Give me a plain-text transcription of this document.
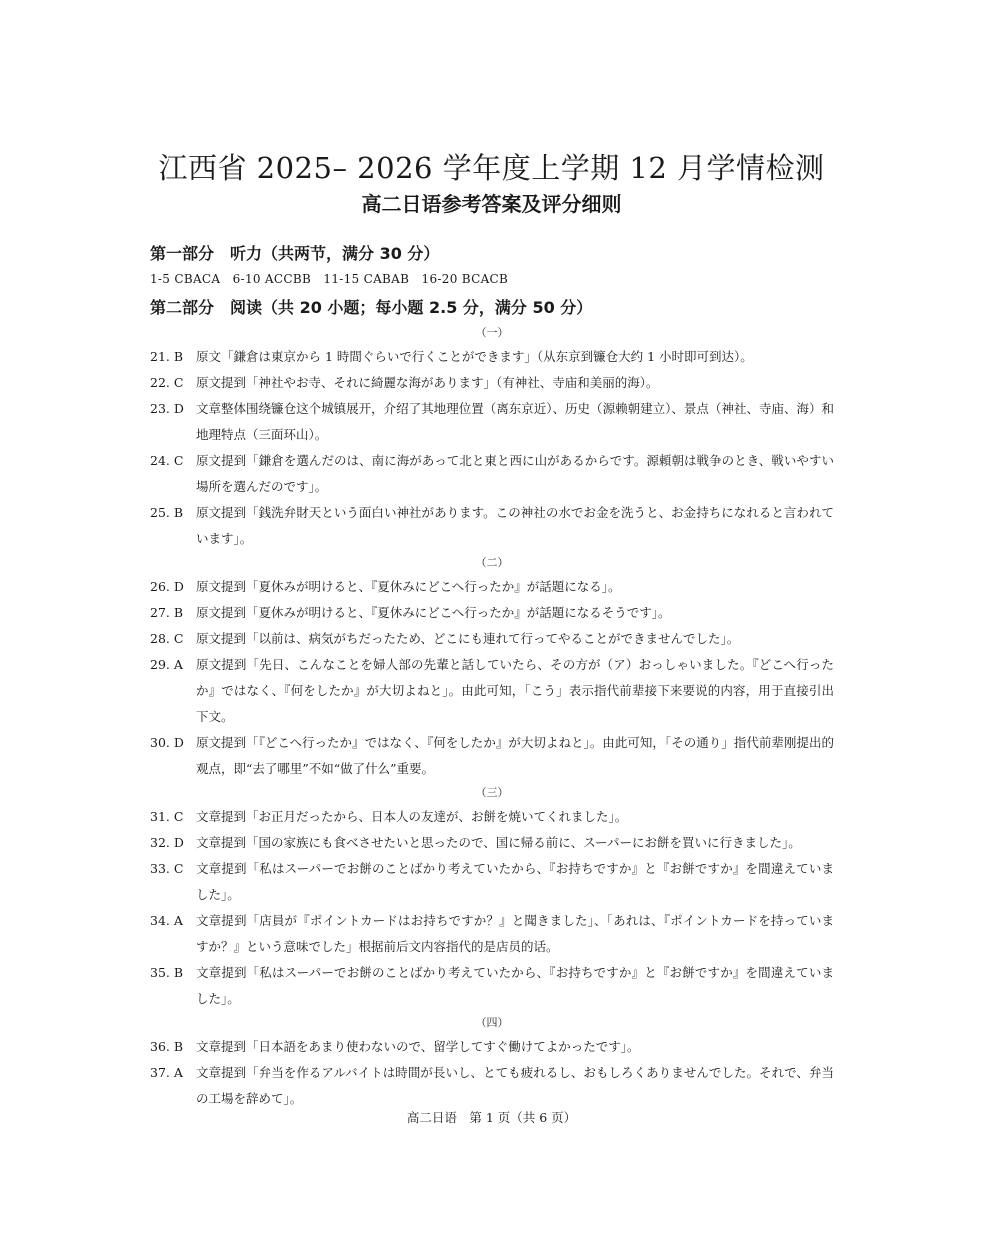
江西省 2025– 2026 学年度上学期 12 月学情检测
高二日语参考答案及评分细则

第一部分　听力（共两节，满分 30 分）

1-5 CBACA　6-10 ACCBB　11-15 CABAB　16-20 BCACB

第二部分　阅读（共 20 小题；每小题 2.5 分，满分 50 分）

（一）

21. B	原文「鎌倉は東京から 1 時間ぐらいで行くことができます」（从东京到镰仓大约 1 小时即可到达）。
22. C	原文提到「神社やお寺、それに綺麗な海があります」（有神社、寺庙和美丽的海）。
23. D 文章整体围绕镰仓这个城镇展开，介绍了其地理位置（离东京近）、历史（源赖朝建立）、景点（神社、寺庙、海）和地理特点（三面环山）。
24. C	原文提到「鎌倉を選んだのは、南に海があって北と東と西に山があるからです。源頼朝は戦争のとき、戦いやすい場所を選んだのです」。
25. B	原文提到「銭洗弁財天という面白い神社があります。この神社の水でお金を洗うと、お金持ちになれると言われています」。

（二）

26. D 原文提到「夏休みが明けると、『夏休みにどこへ行ったか』が話題になる」。
27. B	原文提到「夏休みが明けると、『夏休みにどこへ行ったか』が話題になるそうです」。
28. C	原文提到「以前は、病気がちだったため、どこにも連れて行ってやることができませんでした」。
29. A	原文提到「先日、こんなことを婦人部の先輩と話していたら、その方が（ア）おっしゃいました。『どこへ行ったか』ではなく、『何をしたか』が大切よねと」。由此可知，「こう」表示指代前辈接下来要说的内容，用于直接引出下文。
30. D 原文提到「『どこへ行ったか』ではなく、『何をしたか』が大切よねと」。由此可知，「その通り」指代前辈刚提出的观点，即“去了哪里”不如“做了什么”重要。

（三）

31. C	文章提到「お正月だったから、日本人の友達が、お餅を焼いてくれました」。
32. D 文章提到「国の家族にも食べさせたいと思ったので、国に帰る前に、スーパーにお餅を買いに行きました」。
33. C	文章提到「私はスーパーでお餅のことばかり考えていたから、『お持ちですか』と『お餅ですか』を間違えていました」。
34. A	文章提到「店員が『ポイントカードはお持ちですか？』と聞きました」、「あれは、『ポイントカードを持っていますか？』という意味でした」根据前后文内容指代的是店员的话。
35. B	文章提到「私はスーパーでお餅のことばかり考えていたから、『お持ちですか』と『お餅ですか』を間違えていました」。

（四）

36. B	文章提到「日本語をあまり使わないので、留学してすぐ働けてよかったです」。
37. A	文章提到「弁当を作るアルバイトは時間が長いし、とても疲れるし、おもしろくありませんでした。それで、弁当の工場を辞めて」。
高二日语　第 1 页（共 6 页）
